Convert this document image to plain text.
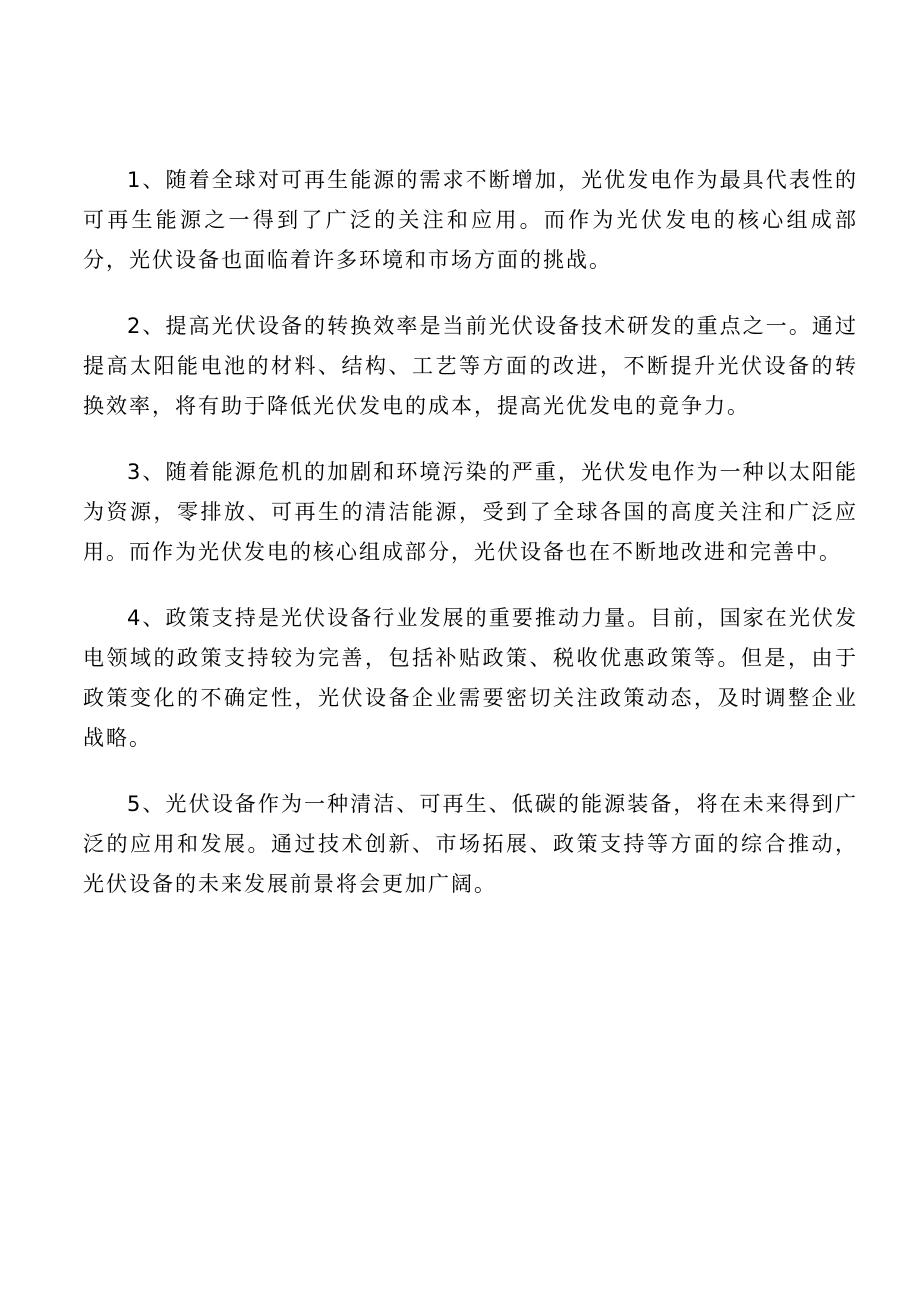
1、随着全球对可再生能源的需求不断增加，光优发电作为最具代表性的可再生能源之一得到了广泛的关注和应用。而作为光伏发电的核心组成部分，光伏设备也面临着许多环境和市场方面的挑战。

2、提高光伏设备的转换效率是当前光伏设备技术研发的重点之一。通过提高太阳能电池的材料、结构、工艺等方面的改进，不断提升光伏设备的转换效率，将有助于降低光伏发电的成本，提高光优发电的竟争力。

3、随着能源危机的加剧和环境污染的严重，光伏发电作为一种以太阳能为资源，零排放、可再生的清洁能源，受到了全球各国的高度关注和广泛应用。而作为光伏发电的核心组成部分，光伏设备也在不断地改进和完善中。

4、政策支持是光伏设备行业发展的重要推动力量。目前，国家在光伏发电领域的政策支持较为完善，包括补贴政策、税收优惠政策等。但是，由于政策变化的不确定性，光伏设备企业需要密切关注政策动态，及时调整企业战略。

5、光伏设备作为一种清洁、可再生、低碳的能源装备，将在未来得到广泛的应用和发展。通过技术创新、市场拓展、政策支持等方面的综合推动，光伏设备的未来发展前景将会更加广阔。
